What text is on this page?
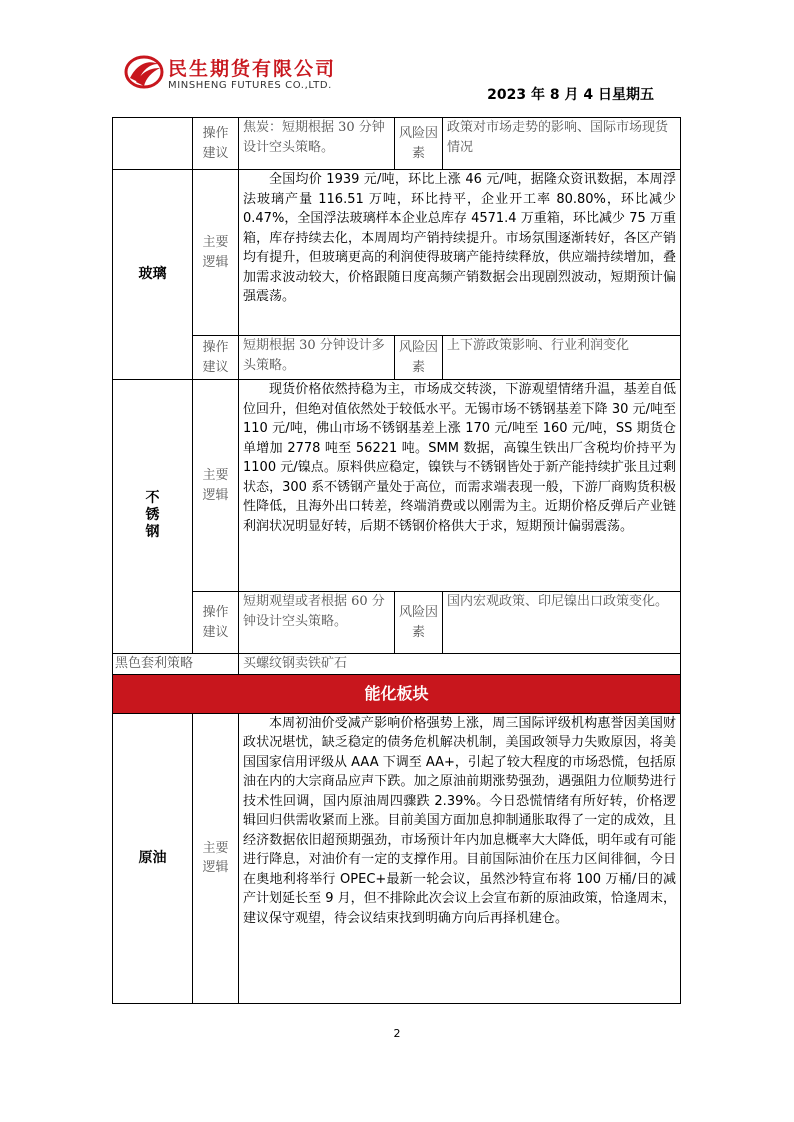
民生期货有限公司
MINSHENG FUTURES CO.,LTD.
2023 年 8 月 4 日星期五
	操作建议	焦炭：短期根据 30 分钟设计空头策略。	风险因素	政策对市场走势的影响、国际市场现货情况
玻璃	主要逻辑	全国均价 1939 元/吨，环比上涨 46 元/吨，据隆众资讯数据，本周浮法玻璃产量 116.51 万吨，环比持平，企业开工率 80.80%，环比减少 0.47%，全国浮法玻璃样本企业总库存 4571.4 万重箱，环比减少 75 万重箱，库存持续去化，本周周均产销持续提升。市场氛围逐渐转好，各区产销均有提升，但玻璃更高的利润使得玻璃产能持续释放，供应端持续增加，叠加需求波动较大，价格跟随日度高频产销数据会出现剧烈波动，短期预计偏强震荡。		
	操作建议	短期根据 30 分钟设计多头策略。	风险因素	上下游政策影响、行业利润变化
不锈钢	主要逻辑	现货价格依然持稳为主，市场成交转淡，下游观望情绪升温，基差自低位回升，但绝对值依然处于较低水平。无锡市场不锈钢基差下降 30 元/吨至 110 元/吨，佛山市场不锈钢基差上涨 170 元/吨至 160 元/吨，SS 期货仓单增加 2778 吨至 56221 吨。SMM 数据，高镍生铁出厂含税均价持平为 1100 元/镍点。原料供应稳定，镍铁与不锈钢皆处于新产能持续扩张且过剩状态，300 系不锈钢产量处于高位，而需求端表现一般，下游厂商购货积极性降低，且海外出口转差，终端消费或以刚需为主。近期价格反弹后产业链利润状况明显好转，后期不锈钢价格供大于求，短期预计偏弱震荡。		
	操作建议	短期观望或者根据 60 分钟设计空头策略。	风险因素	国内宏观政策、印尼镍出口政策变化。
黑色套利策略		买螺纹钢卖铁矿石		
能化板块				
原油	主要逻辑	本周初油价受减产影响价格强势上涨，周三国际评级机构惠誉因美国财政状况堪忧，缺乏稳定的债务危机解决机制，美国政领导力失败原因，将美国国家信用评级从 AAA 下调至 AA+，引起了较大程度的市场恐慌，包括原油在内的大宗商品应声下跌。加之原油前期涨势强劲，遇强阻力位顺势进行技术性回调，国内原油周四骤跌 2.39%。今日恐慌情绪有所好转，价格逻辑回归供需收紧而上涨。目前美国方面加息抑制通胀取得了一定的成效，且经济数据依旧超预期强劲，市场预计年内加息概率大大降低，明年或有可能进行降息，对油价有一定的支撑作用。目前国际油价在压力区间徘徊，今日在奥地利将举行 OPEC+最新一轮会议，虽然沙特宣布将 100 万桶/日的减产计划延长至 9 月，但不排除此次会议上会宣布新的原油政策，恰逢周末，建议保守观望，待会议结束找到明确方向后再择机建仓。		
2
